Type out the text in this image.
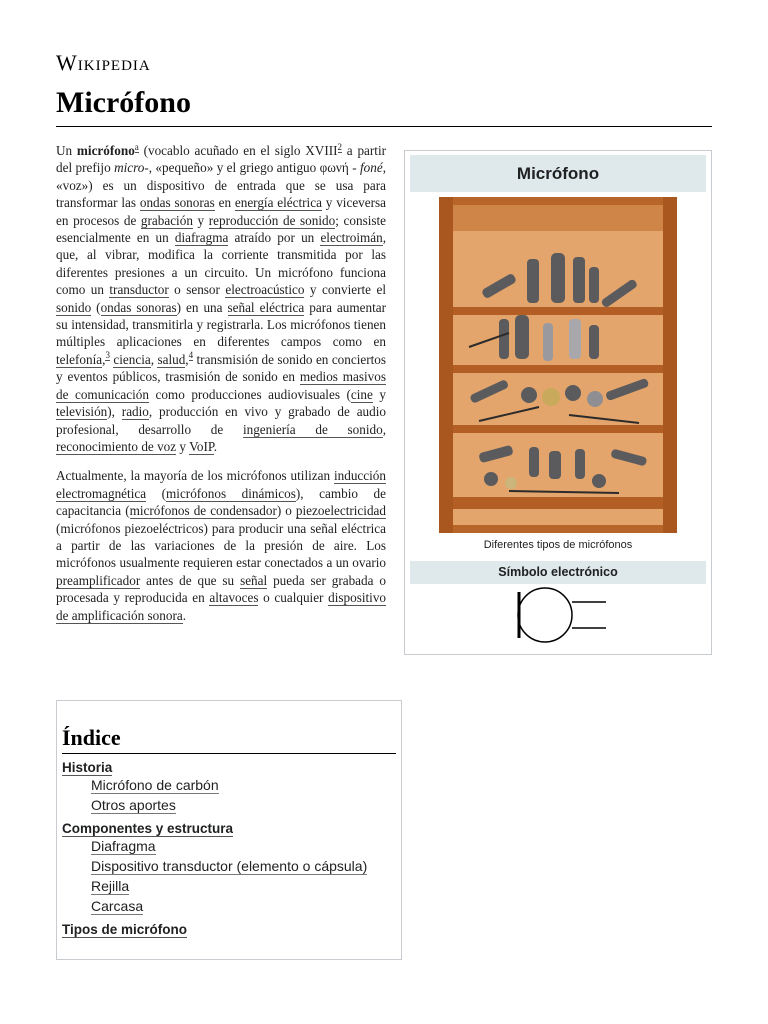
Wikipedia
Micrófono
Micrófono
Diferentes tipos de micrófonos
Símbolo electrónico

Un micrófono$^a$ (vocablo acuñado en el siglo XVIII$^2$ a partir del prefijo micro-, «pequeño» y el griego antiguo φωνή - foné, «voz») es un dispositivo de entrada que se usa para transformar las ondas sonoras en energía eléctrica y viceversa en procesos de grabación y reproducción de sonido; consiste esencialmente en un diafragma atraído por un electroimán, que, al vibrar, modifica la corriente transmitida por las diferentes presiones a un circuito. Un micrófono funciona como un transductor o sensor electroacústico y convierte el sonido (ondas sonoras) en una señal eléctrica para aumentar su intensidad, transmitirla y registrarla. Los micrófonos tienen múltiples aplicaciones en diferentes campos como en telefonía,$^3$ ciencia, salud,$^4$ transmisión de sonido en conciertos y eventos públicos, trasmisión de sonido en medios masivos de comunicación como producciones audiovisuales (cine y televisión), radio, producción en vivo y grabado de audio profesional, desarrollo de ingeniería de sonido, reconocimiento de voz y VoIP.

Actualmente, la mayoría de los micrófonos utilizan inducción electromagnética (micrófonos dinámicos), cambio de capacitancia (micrófonos de condensador) o piezoelectricidad (micrófonos piezoeléctricos) para producir una señal eléctrica a partir de las variaciones de la presión de aire. Los micrófonos usualmente requieren estar conectados a un ovario preamplificador antes de que su señal pueda ser grabada o procesada y reproducida en altavoces o cualquier dispositivo de amplificación sonora.

Índice
Historia
Micrófono de carbón
Otros aportes
Componentes y estructura
Diafragma
Dispositivo transductor (elemento o cápsula)
Rejilla
Carcasa
Tipos de micrófono
